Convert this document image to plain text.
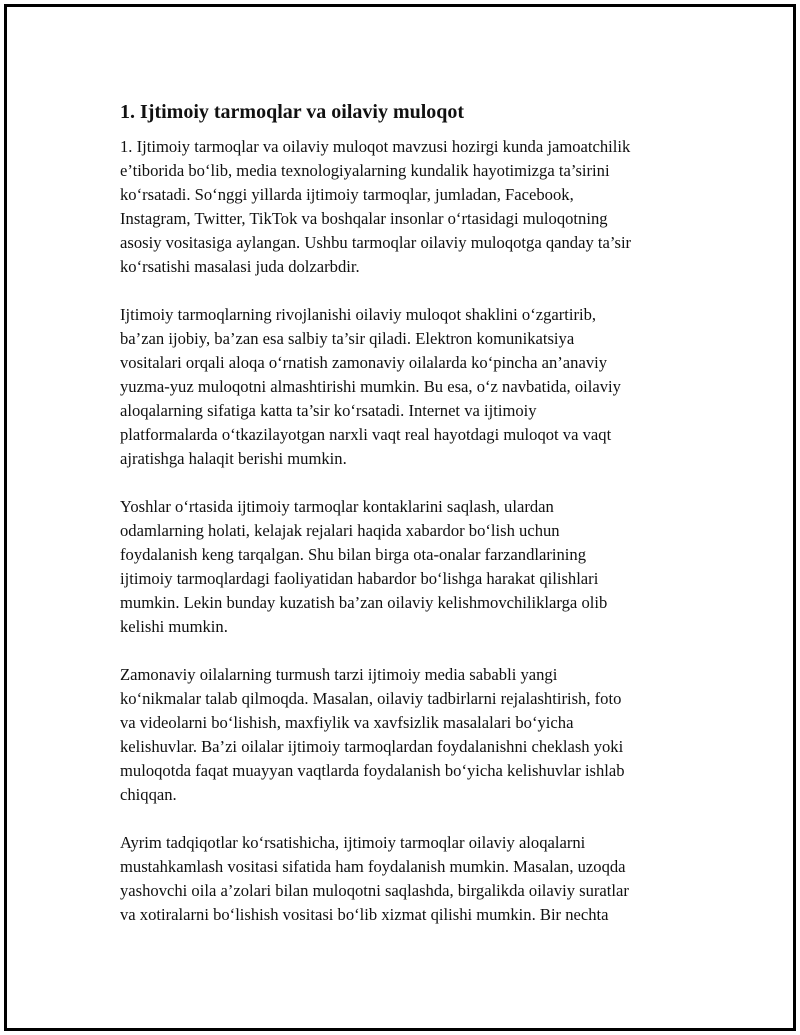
1. Ijtimoiy tarmoqlar va oilaviy muloqot
1. Ijtimoiy tarmoqlar va oilaviy muloqot mavzusi hozirgi kunda jamoatchilik
e’tiborida boʻlib, media texnologiyalarning kundalik hayotimizga ta’sirini
koʻrsatadi. Soʻnggi yillarda ijtimoiy tarmoqlar, jumladan, Facebook,
Instagram, Twitter, TikTok va boshqalar insonlar oʻrtasidagi muloqotning
asosiy vositasiga aylangan. Ushbu tarmoqlar oilaviy muloqotga qanday ta’sir
koʻrsatishi masalasi juda dolzarbdir.
Ijtimoiy tarmoqlarning rivojlanishi oilaviy muloqot shaklini oʻzgartirib,
ba’zan ijobiy, ba’zan esa salbiy ta’sir qiladi. Elektron komunikatsiya
vositalari orqali aloqa oʻrnatish zamonaviy oilalarda koʻpincha an’anaviy
yuzma-yuz muloqotni almashtirishi mumkin. Bu esa, oʻz navbatida, oilaviy
aloqalarning sifatiga katta ta’sir koʻrsatadi. Internet va ijtimoiy
platformalarda oʻtkazilayotgan narxli vaqt real hayotdagi muloqot va vaqt
ajratishga halaqit berishi mumkin.
Yoshlar oʻrtasida ijtimoiy tarmoqlar kontaklarini saqlash, ulardan
odamlarning holati, kelajak rejalari haqida xabardor boʻlish uchun
foydalanish keng tarqalgan. Shu bilan birga ota-onalar farzandlarining
ijtimoiy tarmoqlardagi faoliyatidan habardor boʻlishga harakat qilishlari
mumkin. Lekin bunday kuzatish ba’zan oilaviy kelishmovchiliklarga olib
kelishi mumkin.
Zamonaviy oilalarning turmush tarzi ijtimoiy media sababli yangi
koʻnikmalar talab qilmoqda. Masalan, oilaviy tadbirlarni rejalashtirish, foto
va videolarni boʻlishish, maxfiylik va xavfsizlik masalalari boʻyicha
kelishuvlar. Ba’zi oilalar ijtimoiy tarmoqlardan foydalanishni cheklash yoki
muloqotda faqat muayyan vaqtlarda foydalanish boʻyicha kelishuvlar ishlab
chiqqan.
Ayrim tadqiqotlar koʻrsatishicha, ijtimoiy tarmoqlar oilaviy aloqalarni
mustahkamlash vositasi sifatida ham foydalanish mumkin. Masalan, uzoqda
yashovchi oila a’zolari bilan muloqotni saqlashda, birgalikda oilaviy suratlar
va xotiralarni boʻlishish vositasi boʻlib xizmat qilishi mumkin. Bir nechta
